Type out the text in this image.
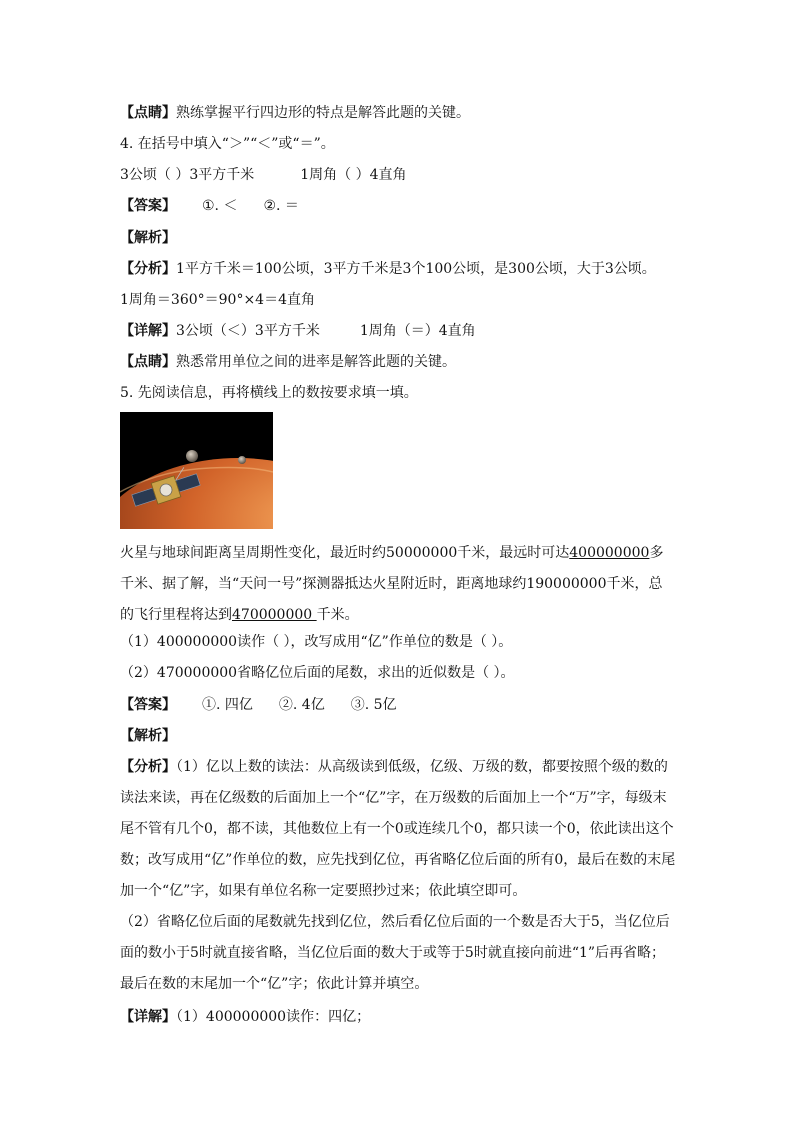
【点睛】熟练掌握平行四边形的特点是解答此题的关键。
4. 在括号中填入“＞”“＜”或“＝”。
3公顷（ ）3平方千米	1周角（ ）4直角
【答案】 ①. ＜ ②. ＝
【解析】
【分析】1平方千米＝100公顷，3平方千米是3个100公顷，是300公顷，大于3公顷。
1周角＝360°＝90°×4＝4直角
【详解】3公顷（＜）3平方千米	1周角（＝）4直角
【点睛】熟悉常用单位之间的进率是解答此题的关键。
5. 先阅读信息，再将横线上的数按要求填一填。
火星与地球间距离呈周期性变化，最近时约50000000千米，最远时可达400000000多千米、据了解，当“天问一号”探测器抵达火星附近时，距离地球约190000000千米，总的飞行里程将达到470000000 千米。
（1）400000000读作（ ），改写成用“亿”作单位的数是（ ）。
（2）470000000省略亿位后面的尾数，求出的近似数是（ ）。
【答案】 ①. 四亿 ②. 4亿 ③. 5亿
【解析】
【分析】（1）亿以上数的读法：从高级读到低级，亿级、万级的数，都要按照个级的数的读法来读，再在亿级数的后面加上一个“亿”字，在万级数的后面加上一个“万”字，每级末尾不管有几个0，都不读，其他数位上有一个0或连续几个0，都只读一个0，依此读出这个数；改写成用“亿”作单位的数，应先找到亿位，再省略亿位后面的所有0，最后在数的末尾加一个“亿”字，如果有单位名称一定要照抄过来；依此填空即可。
（2）省略亿位后面的尾数就先找到亿位，然后看亿位后面的一个数是否大于5，当亿位后面的数小于5时就直接省略，当亿位后面的数大于或等于5时就直接向前进“1”后再省略；最后在数的末尾加一个“亿”字；依此计算并填空。
【详解】（1）400000000读作：四亿；
